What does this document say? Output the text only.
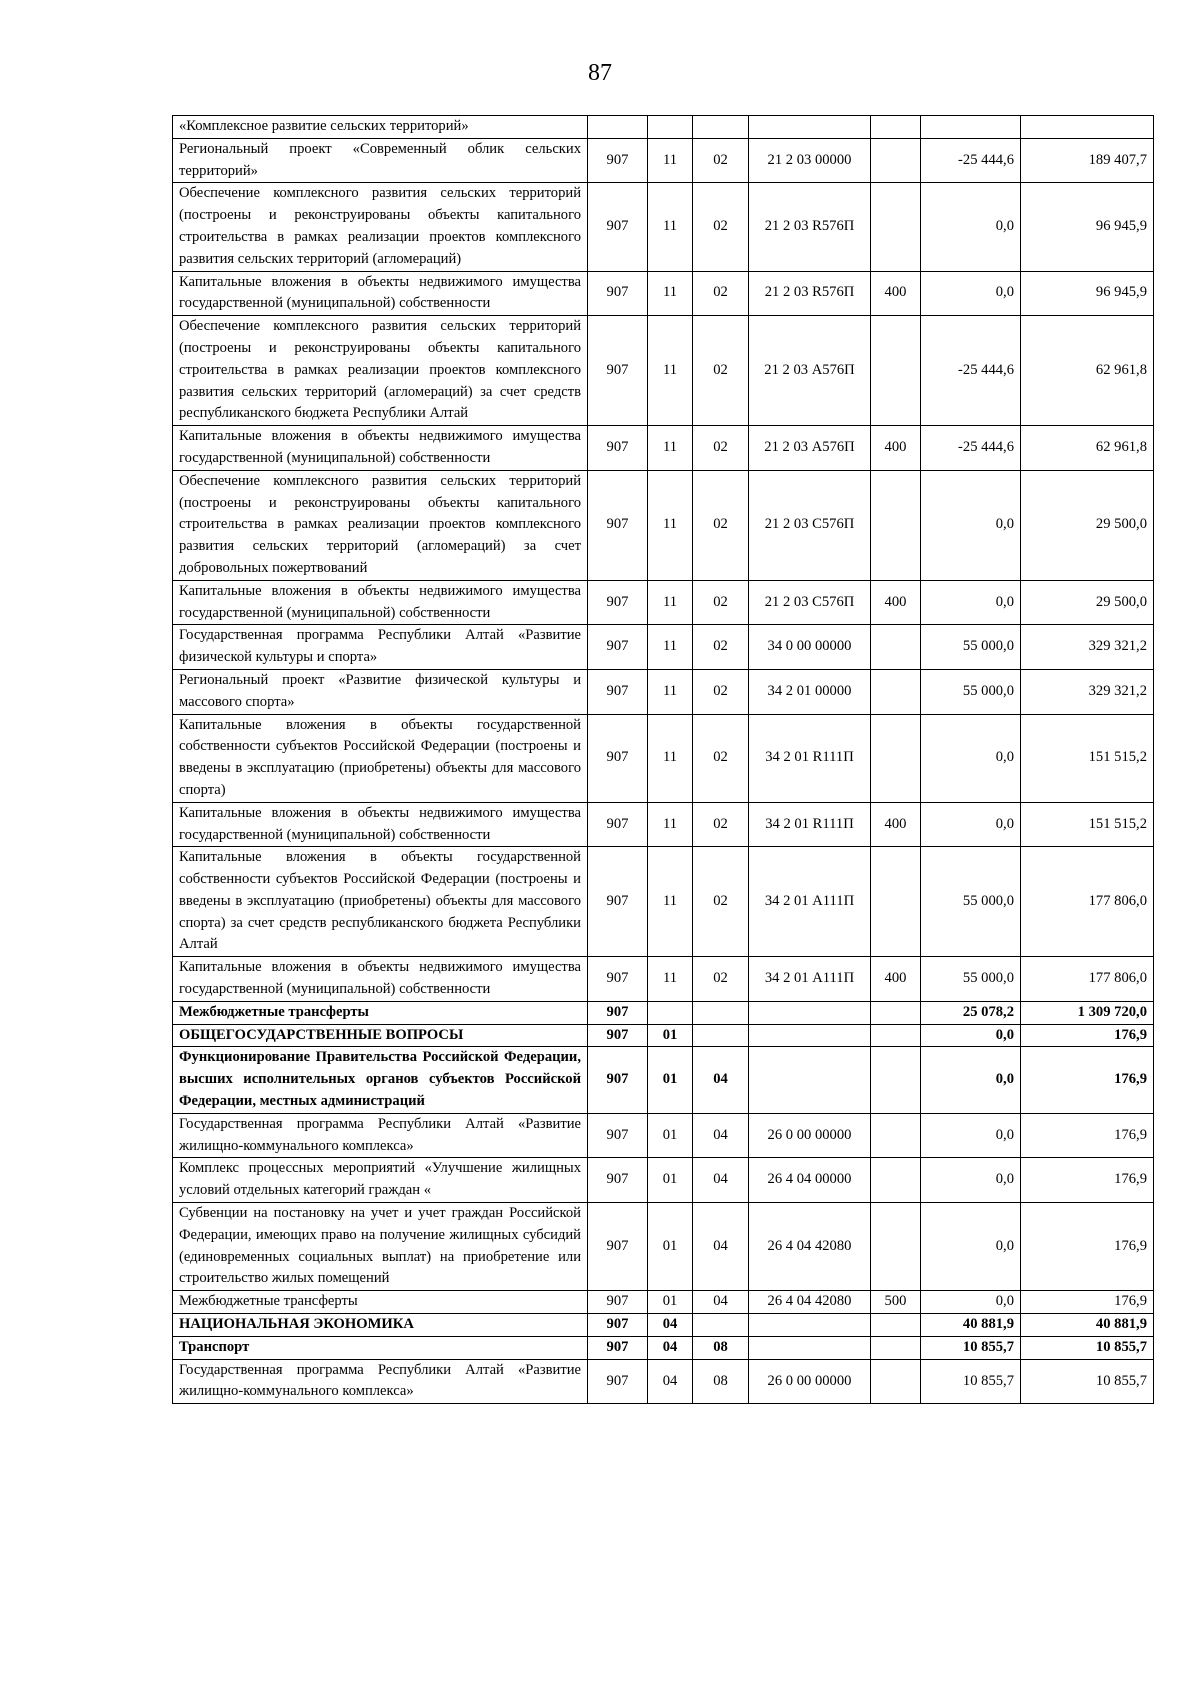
87
«Комплексное развитие сельских территорий»							
Региональный проект «Современный облик сельских территорий»	907	11	02	21 2 03 00000		-25 444,6	189 407,7
Обеспечение комплексного развития сельских территорий (построены и реконструированы объекты капитального строительства в рамках реализации проектов комплексного развития сельских территорий (агломераций)	907	11	02	21 2 03 R576П		0,0	96 945,9
Капитальные вложения в объекты недвижимого имущества государственной (муниципальной) собственности	907	11	02	21 2 03 R576П	400	0,0	96 945,9
Обеспечение комплексного развития сельских территорий (построены и реконструированы объекты капитального строительства в рамках реализации проектов комплексного развития сельских территорий (агломераций) за счет средств республиканского бюджета Республики Алтай	907	11	02	21 2 03 А576П		-25 444,6	62 961,8
Капитальные вложения в объекты недвижимого имущества государственной (муниципальной) собственности	907	11	02	21 2 03 А576П	400	-25 444,6	62 961,8
Обеспечение комплексного развития сельских территорий (построены и реконструированы объекты капитального строительства в рамках реализации проектов комплексного развития сельских территорий (агломераций) за счет добровольных пожертвований	907	11	02	21 2 03 С576П		0,0	29 500,0
Капитальные вложения в объекты недвижимого имущества государственной (муниципальной) собственности	907	11	02	21 2 03 С576П	400	0,0	29 500,0
Государственная программа Республики Алтай «Развитие физической культуры и спорта»	907	11	02	34 0 00 00000		55 000,0	329 321,2
Региональный проект «Развитие физической культуры и массового спорта»	907	11	02	34 2 01 00000		55 000,0	329 321,2
Капитальные вложения в объекты государственной собственности субъектов Российской Федерации (построены и введены в эксплуатацию (приобретены) объекты для массового спорта)	907	11	02	34 2 01 R111П		0,0	151 515,2
Капитальные вложения в объекты недвижимого имущества государственной (муниципальной) собственности	907	11	02	34 2 01 R111П	400	0,0	151 515,2
Капитальные вложения в объекты государственной собственности субъектов Российской Федерации (построены и введены в эксплуатацию (приобретены) объекты для массового спорта) за счет средств республиканского бюджета Республики Алтай	907	11	02	34 2 01 А111П		55 000,0	177 806,0
Капитальные вложения в объекты недвижимого имущества государственной (муниципальной) собственности	907	11	02	34 2 01 А111П	400	55 000,0	177 806,0
Межбюджетные трансферты	907					25 078,2	1 309 720,0
ОБЩЕГОСУДАРСТВЕННЫЕ ВОПРОСЫ	907	01				0,0	176,9
Функционирование Правительства Российской Федерации, высших исполнительных органов субъектов Российской Федерации, местных администраций	907	01	04			0,0	176,9
Государственная программа Республики Алтай «Развитие жилищно-коммунального комплекса»	907	01	04	26 0 00 00000		0,0	176,9
Комплекс процессных мероприятий «Улучшение жилищных условий отдельных категорий граждан «	907	01	04	26 4 04 00000		0,0	176,9
Субвенции на постановку на учет и учет граждан Российской Федерации, имеющих право на получение жилищных субсидий (единовременных социальных выплат) на приобретение или строительство жилых помещений	907	01	04	26 4 04 42080		0,0	176,9
Межбюджетные трансферты	907	01	04	26 4 04 42080	500	0,0	176,9
НАЦИОНАЛЬНАЯ ЭКОНОМИКА	907	04				40 881,9	40 881,9
Транспорт	907	04	08			10 855,7	10 855,7
Государственная программа Республики Алтай «Развитие жилищно-коммунального комплекса»	907	04	08	26 0 00 00000		10 855,7	10 855,7
